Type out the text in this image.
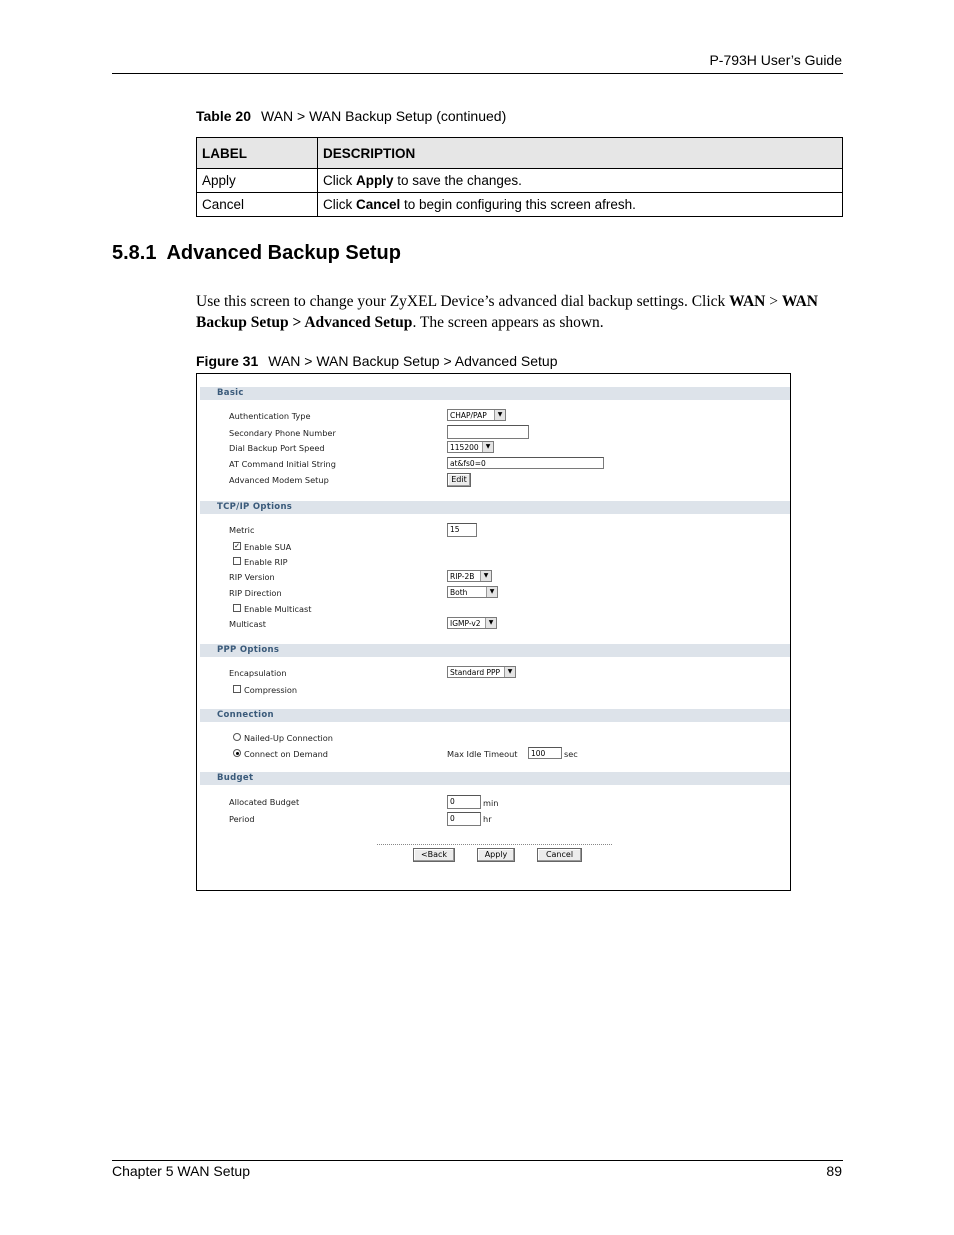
P-793H User’s Guide
Table 20 WAN > WAN Backup Setup (continued)
LABEL	DESCRIPTION
Apply	Click Apply to save the changes.
Cancel	Click Cancel to begin configuring this screen afresh.
5.8.1 Advanced Backup Setup
Use this screen to change your ZyXEL Device’s advanced dial backup settings. Click WAN > WAN Backup Setup > Advanced Setup. The screen appears as shown.
Figure 31 WAN > WAN Backup Setup > Advanced Setup
Basic
Authentication Type	CHAP/PAP	▼
Secondary Phone Number
Dial Backup Port Speed	115200	▼
AT Command Initial String	at&fs0=0
Advanced Modem Setup	Edit
TCP/IP Options
Metric	15
✓ Enable SUA
Enable RIP
RIP Version	RIP-2B	▼
RIP Direction	Both	▼
Enable Multicast
Multicast	IGMP-v2	▼
PPP Options
Encapsulation	Standard PPP	▼
Compression
Connection
Nailed-Up Connection
Connect on Demand	Max Idle Timeout	100	sec
Budget
Allocated Budget	0	min
Period	0	hr
<Back	Apply	Cancel
Chapter 5 WAN Setup	89
